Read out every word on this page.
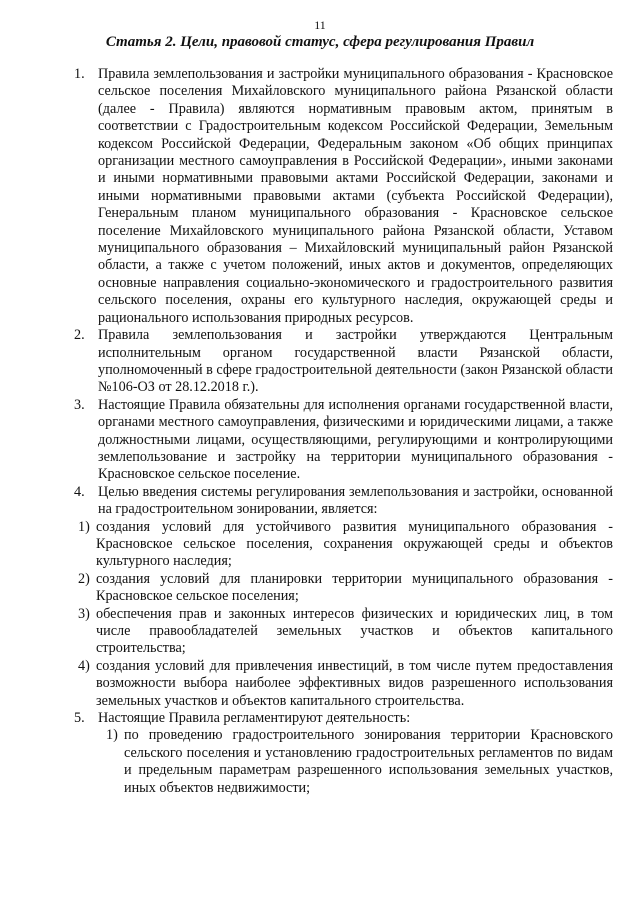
11
Статья 2. Цели, правовой статус, сфера регулирования Правил
1. Правила землепользования и застройки муниципального образования - Красновское сельское поселения Михайловского муниципального района Рязанской области (далее - Правила) являются нормативным правовым актом, принятым в соответствии с Градостроительным кодексом Российской Федерации, Земельным кодексом Российской Федерации, Федеральным законом «Об общих принципах организации местного самоуправления в Российской Федерации», иными законами и иными нормативными правовыми актами Российской Федерации, законами и иными нормативными правовыми актами (субъекта Российской Федерации), Генеральным планом муниципального образования - Красновское сельское поселение Михайловского муниципального района Рязанской области, Уставом муниципального образования – Михайловский муниципальный район Рязанской области, а также с учетом положений, иных актов и документов, определяющих основные направления социально-экономического и градостроительного развития сельского поселения, охраны его культурного наследия, окружающей среды и рационального использования природных ресурсов.
2. Правила землепользования и застройки утверждаются Центральным исполнительным органом государственной власти Рязанской области, уполномоченный в сфере градостроительной деятельности (закон Рязанской области №106-ОЗ от 28.12.2018 г.).
3. Настоящие Правила обязательны для исполнения органами государственной власти, органами местного самоуправления, физическими и юридическими лицами, а также должностными лицами, осуществляющими, регулирующими и контролирующими землепользование и застройку на территории муниципального образования - Красновское сельское поселение.
4. Целью введения системы регулирования землепользования и застройки, основанной на градостроительном зонировании, является:
1) создания условий для устойчивого развития муниципального образования - Красновское сельское поселения, сохранения окружающей среды и объектов культурного наследия;
2) создания условий для планировки территории муниципального образования - Красновское сельское поселения;
3) обеспечения прав и законных интересов физических и юридических лиц, в том числе правообладателей земельных участков и объектов капитального строительства;
4) создания условий для привлечения инвестиций, в том числе путем предоставления возможности выбора наиболее эффективных видов разрешенного использования земельных участков и объектов капитального строительства.
5. Настоящие Правила регламентируют деятельность:
1) по проведению градостроительного зонирования территории Красновского сельского поселения и установлению градостроительных регламентов по видам и предельным параметрам разрешенного использования земельных участков, иных объектов недвижимости;
